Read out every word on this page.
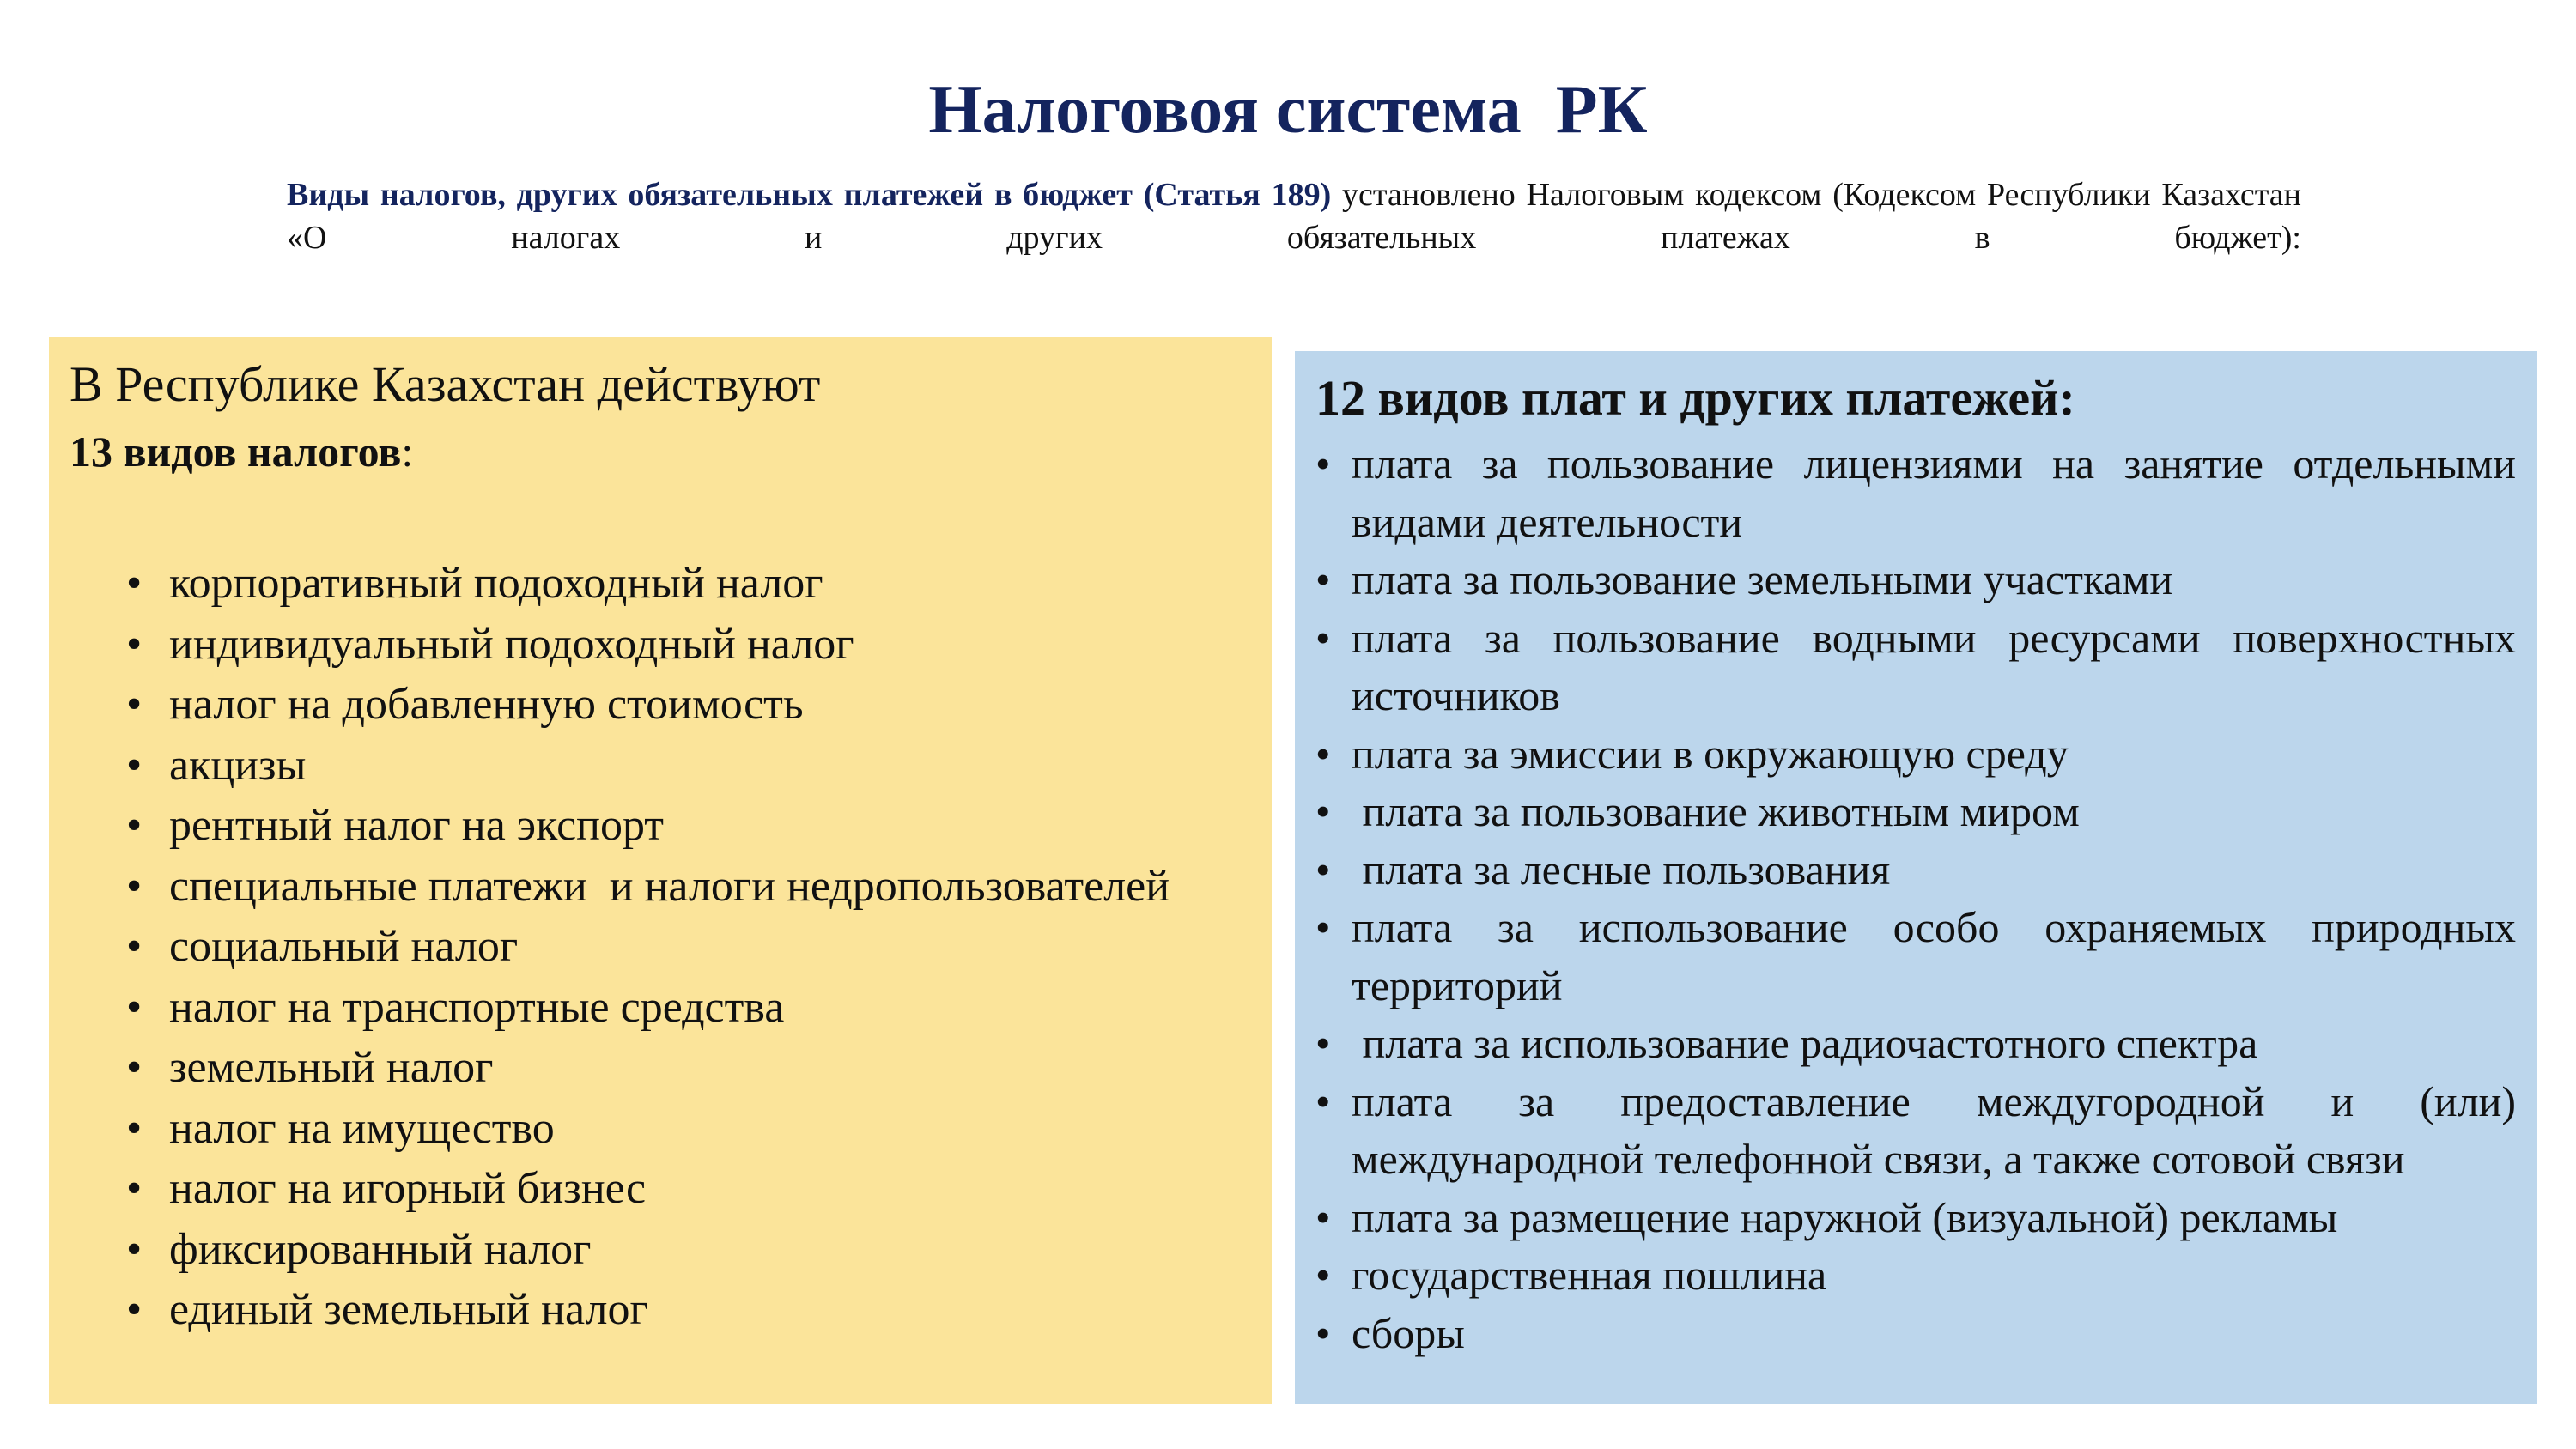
Налоговоя система  РК
Виды налогов, других обязательных платежей в бюджет (Статья 189) установлено Налоговым кодексом (Кодексом Республики Казахстан «О налогах и других обязательных платежах в бюджет):
В Республике Казахстан действуют
13 видов налогов:
• корпоративный подоходный налог
• индивидуальный подоходный налог
• налог на добавленную стоимость
• акцизы
• рентный налог на экспорт
• специальные платежи  и налоги недропользователей
• социальный налог
• налог на транспортные средства
• земельный налог
• налог на имущество
• налог на игорный бизнес
• фиксированный налог
• единый земельный налог
12 видов плат и других платежей:
• плата за пользование лицензиями на занятие отдельными видами деятельности
• плата за пользование земельными участками
• плата за пользование водными ресурсами поверхностных источников
• плата за эмиссии в окружающую среду
• плата за пользование животным миром
• плата за лесные пользования
• плата за использование особо охраняемых природных территорий
• плата за использование радиочастотного спектра
• плата за предоставление междугородной и (или) международной телефонной связи, а также сотовой связи
• плата за размещение наружной (визуальной) рекламы
• государственная пошлина
• сборы
